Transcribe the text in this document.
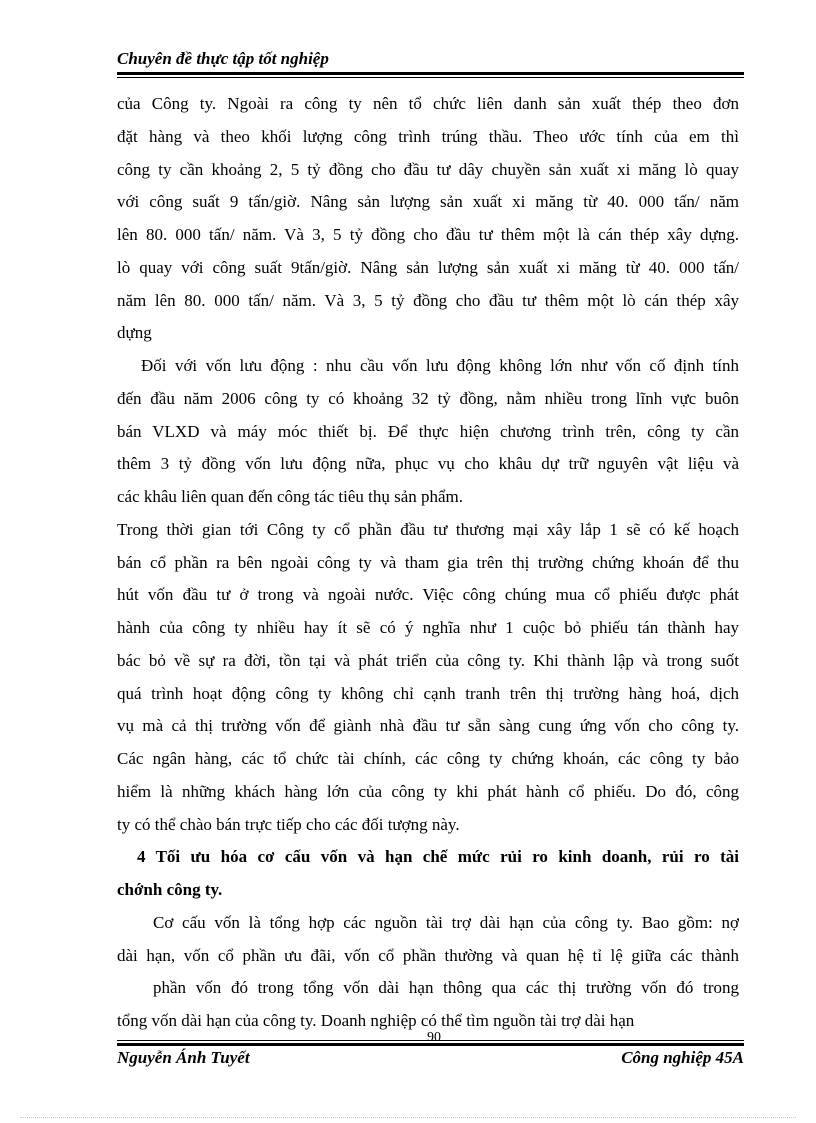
Chuyên đề thực tập tốt nghiệp
của Công ty. Ngoài ra công ty nên tổ chức liên danh sản xuất thép theo đơn
đặt hàng và theo khối lượng công trình trúng thầu. Theo ước tính của em thì
công ty cần khoảng 2, 5 tỷ đồng cho đầu tư dây chuyền sản xuất xi măng lò quay
với công suất 9 tấn/giờ. Nâng sản lượng sản xuất xi măng từ 40. 000 tấn/ năm
lên 80. 000 tấn/ năm. Và 3, 5 tỷ đồng cho đầu tư thêm một là cán thép xây dựng.
lò quay với công suất 9tấn/giờ. Nâng sản lượng sản xuất xi măng từ 40. 000 tấn/
năm lên 80. 000 tấn/ năm. Và 3, 5 tỷ đồng cho đầu tư thêm một lò cán thép xây
dựng
Đối với vốn lưu động : nhu cầu vốn lưu động không lớn như vốn cố định tính
đến đầu năm 2006 công ty có khoảng 32 tỷ đồng, nằm nhiều trong lĩnh vực buôn
bán VLXD và máy móc thiết bị. Để thực hiện chương trình trên, công ty cần
thêm 3 tỷ đồng vốn lưu động nữa, phục vụ cho khâu dự trữ nguyên vật liệu và
các khâu liên quan đến công tác tiêu thụ sản phẩm.
Trong thời gian tới Công ty cổ phần đầu tư thương mại xây lắp 1 sẽ có kế hoạch
bán cổ phần ra bên ngoài công ty và tham gia trên thị trường chứng khoán để thu
hút vốn đầu tư ở trong và ngoài nước. Việc công chúng mua cổ phiếu được phát
hành của công ty nhiều hay ít sẽ có ý nghĩa như 1 cuộc bỏ phiếu tán thành hay
bác bỏ về sự ra đời, tồn tại và phát triển của công ty. Khi thành lập và trong suốt
quá trình hoạt động công ty không chỉ cạnh tranh trên thị trường hàng hoá, dịch
vụ mà cả thị trường vốn để giành nhà đầu tư sẵn sàng cung ứng vốn cho công ty.
Các ngân hàng, các tổ chức tài chính, các công ty chứng khoán, các công ty bảo
hiểm là những khách hàng lớn của công ty khi phát hành cổ phiếu. Do đó, công
ty có thể chào bán trực tiếp cho các đối tượng này.
4 Tối ưu hóa cơ cấu vốn và hạn chế mức rủi ro kinh doanh, rủi ro tài
chớnh công ty.
Cơ cấu vốn là tổng hợp các nguồn tài trợ dài hạn của công ty. Bao gồm: nợ
dài hạn, vốn cổ phần ưu đãi, vốn cổ phần thường và quan hệ tỉ lệ giữa các thành
phần vốn đó trong tổng vốn dài hạn thông qua các thị trường vốn đó trong
tổng vốn dài hạn của công ty. Doanh nghiệp có thể tìm nguồn tài trợ dài hạn
Nguyễn Ánh Tuyết
90
Công nghiệp 45A
